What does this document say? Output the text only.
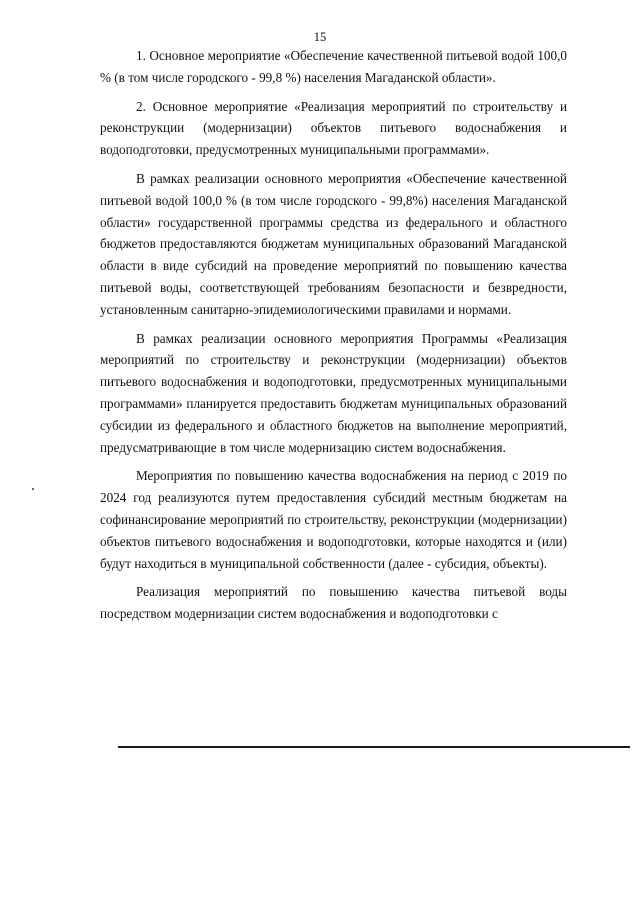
15

1. Основное мероприятие «Обеспечение качественной питьевой водой 100,0 % (в том числе городского - 99,8 %) населения Магаданской области».

2. Основное мероприятие «Реализация мероприятий по строительству и реконструкции (модернизации) объектов питьевого водоснабжения и водоподготовки, предусмотренных муниципальными программами».

В рамках реализации основного мероприятия «Обеспечение качественной питьевой водой 100,0 % (в том числе городского - 99,8%) населения Магаданской области» государственной программы средства из федерального и областного бюджетов предоставляются бюджетам муниципальных образований Магаданской области в виде субсидий на проведение мероприятий по повышению качества питьевой воды, соответствующей требованиям безопасности и безвредности, установленным санитарно-эпидемиологическими правилами и нормами.

В рамках реализации основного мероприятия Программы «Реализация мероприятий по строительству и реконструкции (модернизации) объектов питьевого водоснабжения и водоподготовки, предусмотренных муниципальными программами» планируется предоставить бюджетам муниципальных образований субсидии из федерального и областного бюджетов на выполнение мероприятий, предусматривающие в том числе модернизацию систем водоснабжения.

Мероприятия по повышению качества водоснабжения на период с 2019 по 2024 год реализуются путем предоставления субсидий местным бюджетам на софинансирование мероприятий по строительству, реконструкции (модернизации) объектов питьевого водоснабжения и водоподготовки, которые находятся и (или) будут находиться в муниципальной собственности (далее - субсидия, объекты).

Реализация мероприятий по повышению качества питьевой воды посредством модернизации систем водоснабжения и водоподготовки с
